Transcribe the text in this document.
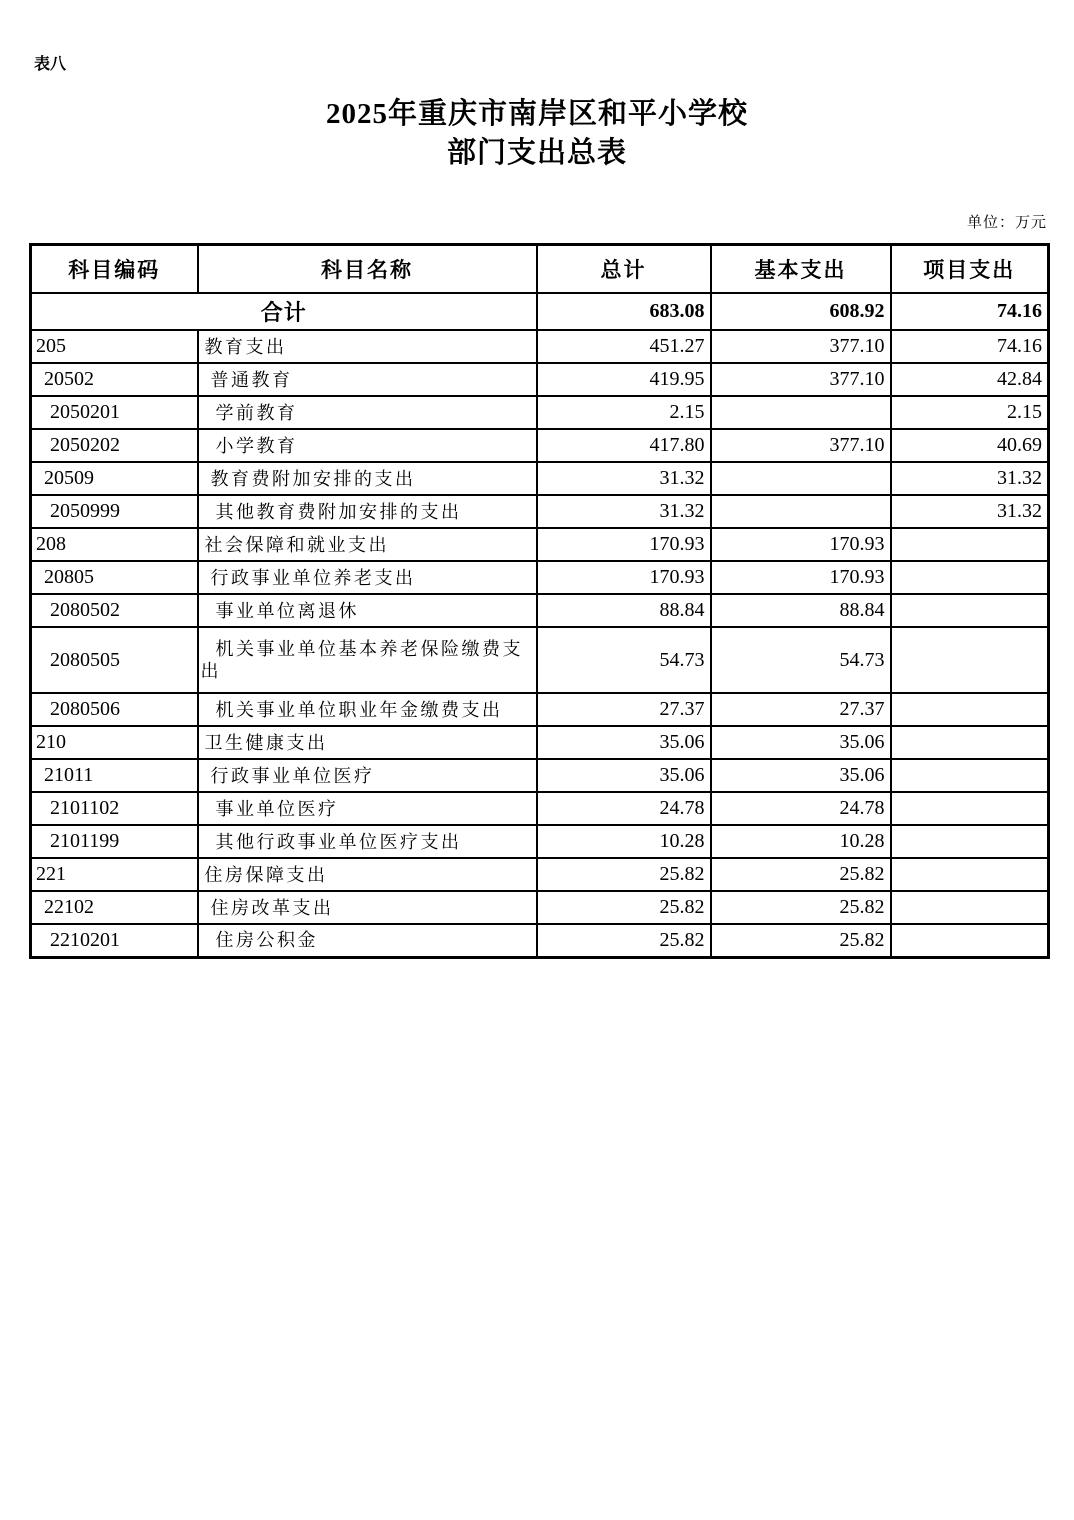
表八
2025年重庆市南岸区和平小学校
部门支出总表
单位：万元
科目编码	科目名称	总计	基本支出	项目支出
合计		683.08	608.92	74.16
205	教育支出	451.27	377.10	74.16
20502	普通教育	419.95	377.10	42.84
2050201	学前教育	2.15		2.15
2050202	小学教育	417.80	377.10	40.69
20509	教育费附加安排的支出	31.32		31.32
2050999	其他教育费附加安排的支出	31.32		31.32
208	社会保障和就业支出	170.93	170.93	
20805	行政事业单位养老支出	170.93	170.93	
2080502	事业单位离退休	88.84	88.84	
2080505	机关事业单位基本养老保险缴费支出	54.73	54.73	
2080506	机关事业单位职业年金缴费支出	27.37	27.37	
210	卫生健康支出	35.06	35.06	
21011	行政事业单位医疗	35.06	35.06	
2101102	事业单位医疗	24.78	24.78	
2101199	其他行政事业单位医疗支出	10.28	10.28	
221	住房保障支出	25.82	25.82	
22102	住房改革支出	25.82	25.82	
2210201	住房公积金	25.82	25.82	
